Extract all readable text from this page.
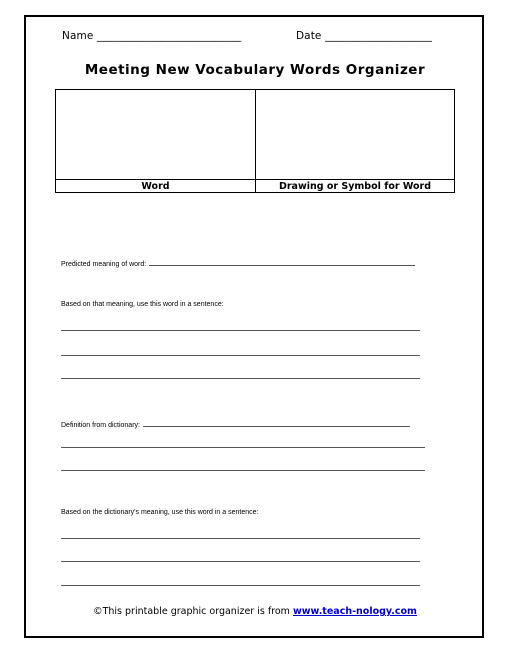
Name ___________________________	Date ____________________
Meeting New Vocabulary Words Organizer
Word	Drawing or Symbol for Word
Predicted meaning of word:
Based on that meaning, use this word in a sentence:
Definition from dictionary:
Based on the dictionary's meaning, use this word in a sentence:
©This printable graphic organizer is from www.teach-nology.com
